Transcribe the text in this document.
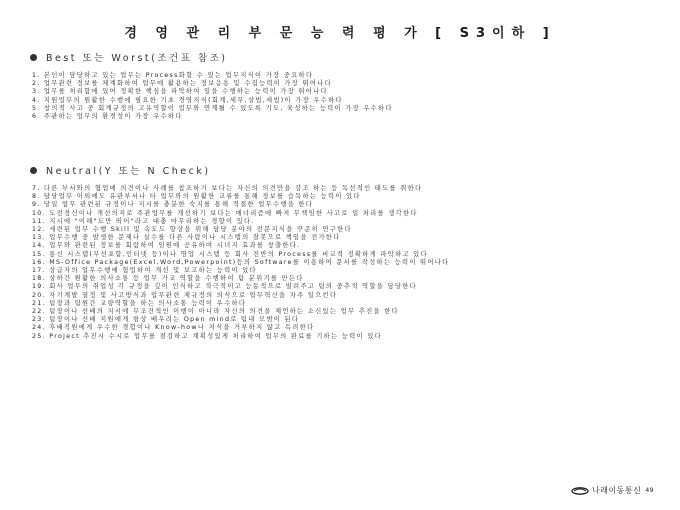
경 영 관 리 부 문 능 력 평 가 [ S3이하 ]
Best 또는 Worst(조건표 참조)
1. 본인이 담당하고 있는 업무는 Process화할 수 있는 업무지식이 가장 중요하다
2. 업무관련 정보를 체계화하여 업무에 활용하는 정보응용 및 수집능력이 가장 뛰어나다
3. 업무를 처리함에 있어 정확한 핵심을 파악하여 일을 수행하는 능력이 가장 뛰어나다
4. 지원업무의 원활한 수행에 필요한 기초 경영지식(회계,세무,상법,세법)이 가장 우수하다
5. 창의적 사고 중 회계규정의 고유역할이 업무와 연계될 수 있도록 기도, 육성하는 능력이 가장 우수하다
6. 주관하는 업무의 환경성이 가장 우수하다
Neutral(Y 또는 N Check)
7. 다른 부서와의 협업에 의견이나 사례를 참조하기 보다는 자신의 의견만을 강조 하는 등 독선적인 태도를 취한다
8. 담당업무 이외에도 유관부서나 타 업무와의 원활한 교류를 통해 정보를 습득하는 능력이 있다
9. 당일 업무 관련된 규정이나 지시를 충분한 숙지를 통해 적절한 업무수행을 한다
10. 도전정신이나 개선의지로 주관업무를 개선하기 보다는 매너리즘에 빠져 무책임한 사고로 일 처리를 생각한다
11. 지시에 "이해"도만 띄어"라고 대충 마무리하는 경향이 있다.
12. 세련된 업무 수행 Skill 및 속도도 향상을 위해 담당 분야의 전문지식을 꾸준히 연구한다
13. 업무수행 중 발생한 문제나 실수를 다른 사람이나 시스템의 잘못으로 책임을 전가한다
14. 업무와 관련된 정보를 회람하여 임원에 공유하여 시너지 효과를 창출한다.
15. 통신 시스템(무선포함,인터넷 등)이나 영업 시스템 등 회사 전반의 Process를 비교적 정확하게 파악하고 있다
16. MS-Office Package(Excel,Word,Powerpoint)등의 Software를 이용하여 문서를 작성하는 능력이 뛰어나다
17. 상급자의 업무수행에 협업하여 개선 및 보고하는 능력이 있다
18. 상하간 원활한 의사소통 등 업무 가교 역할을 수행하여 팀 분위기를 만든다
19. 회사 업무의 취업성 각 규정을 깊이 인식하고 적극적이고 능동적으로 빌려주고 팀의 중추적 역할을 담당한다
20. 자기계발 열정 및 사고방식과 업무관련 제규정의 의식으로 업무혁신을 자주 일으킨다
21. 팀장과 팀원간 교량역할을 하는 의사소통 능력이 우수하다
22. 팀장이나 선배의 지시에 무조건적인 이행이 아니라 자신의 의견을 제언하는 소신있는 업무 추진을 한다
23. 팀장이나 선배 지원에게 항상 배우려는 Open mind로 팀내 모범이 된다
24. 후배직원에게 우수한 경험이나 Know-how나 지식을 거부하지 않고 독려한다
25. Project 추진시 수시로 업무를 점검하고 계획성있게 처리하여 업무의 완료를 기하는 능력이 있다
나래이동통신 49
